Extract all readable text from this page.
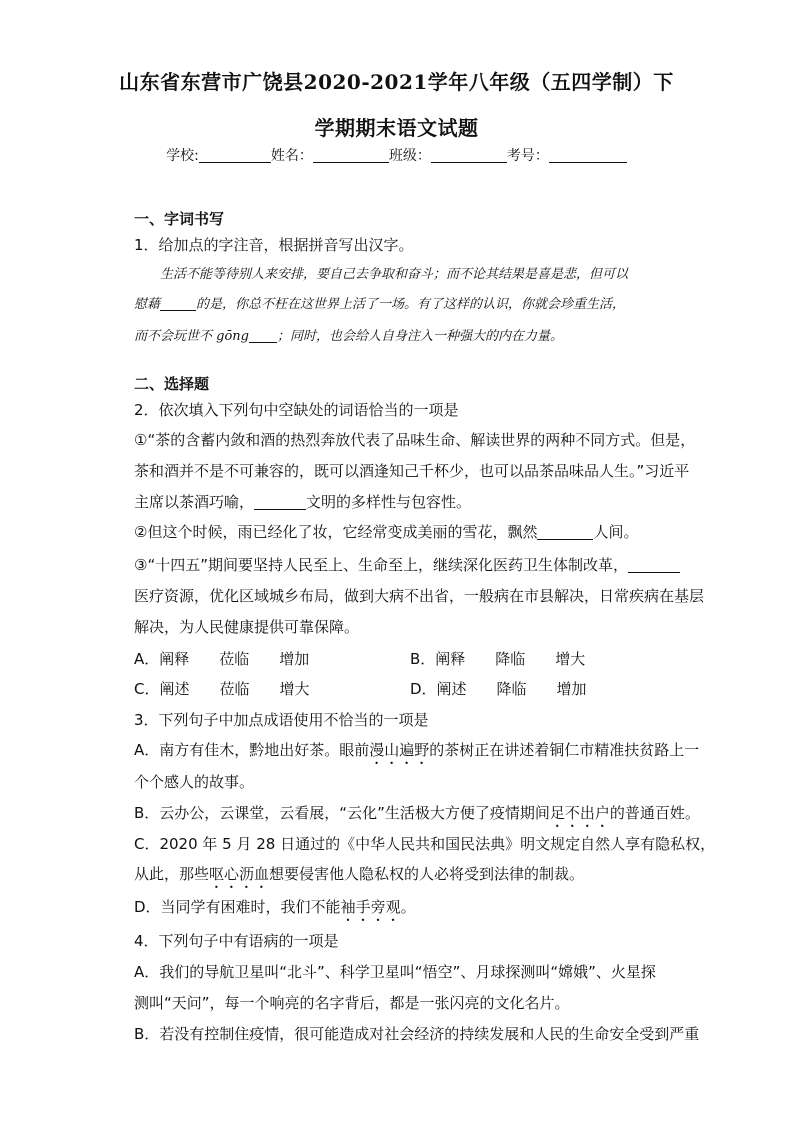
山东省东营市广饶县2020-2021学年八年级（五四学制）下
学期期末语文试题
学校:	姓名：	班级：	考号：
一、字词书写
1．给加点的字注音，根据拼音写出汉字。
生活不能等待别人来安排，要自己去争取和奋斗；而不论其结果是喜是悲，但可以
慰藉	的是，你总不枉在这世界上活了一场。有了这样的认识，你就会珍重生活，
而不会玩世不 gōng ；同时，也会给人自身注入一种强大的内在力量。
二、选择题
2．依次填入下列句中空缺处的词语恰当的一项是
①“茶的含蓄内敛和酒的热烈奔放代表了品味生命、解读世界的两种不同方式。但是，
茶和酒并不是不可兼容的，既可以酒逢知己千杯少，也可以品茶品味品人生。”习近平
主席以茶酒巧喻，	文明的多样性与包容性。
②但这个时候，雨已经化了妆，它经常变成美丽的雪花，飘然	人间。
③“十四五”期间要坚持人民至上、生命至上，继续深化医药卫生体制改革，
医疗资源，优化区域城乡布局，做到大病不出省，一般病在市县解决，日常疾病在基层
解决，为人民健康提供可靠保障。
A．阐释　　莅临　　增加	B．阐释　　降临　　增大
C．阐述　　莅临　　增大	D．阐述　　降临　　增加
3．下列句子中加点成语使用不恰当的一项是
A．南方有佳木，黔地出好茶。眼前漫山遍野的茶树正在讲述着铜仁市精准扶贫路上一
个个感人的故事。
B．云办公，云课堂，云看展，“云化”生活极大方便了疫情期间足不出户的普通百姓。
C．2020 年 5 月 28 日通过的《中华人民共和国民法典》明文规定自然人享有隐私权，
从此，那些呕心沥血想要侵害他人隐私权的人必将受到法律的制裁。
D．当同学有困难时，我们不能袖手旁观。
4．下列句子中有语病的一项是
A．我们的导航卫星叫“北斗”、科学卫星叫“悟空”、月球探测叫“嫦娥”、火星探
测叫“天问”，每一个响亮的名字背后，都是一张闪亮的文化名片。
B．若没有控制住疫情，很可能造成对社会经济的持续发展和人民的生命安全受到严重
